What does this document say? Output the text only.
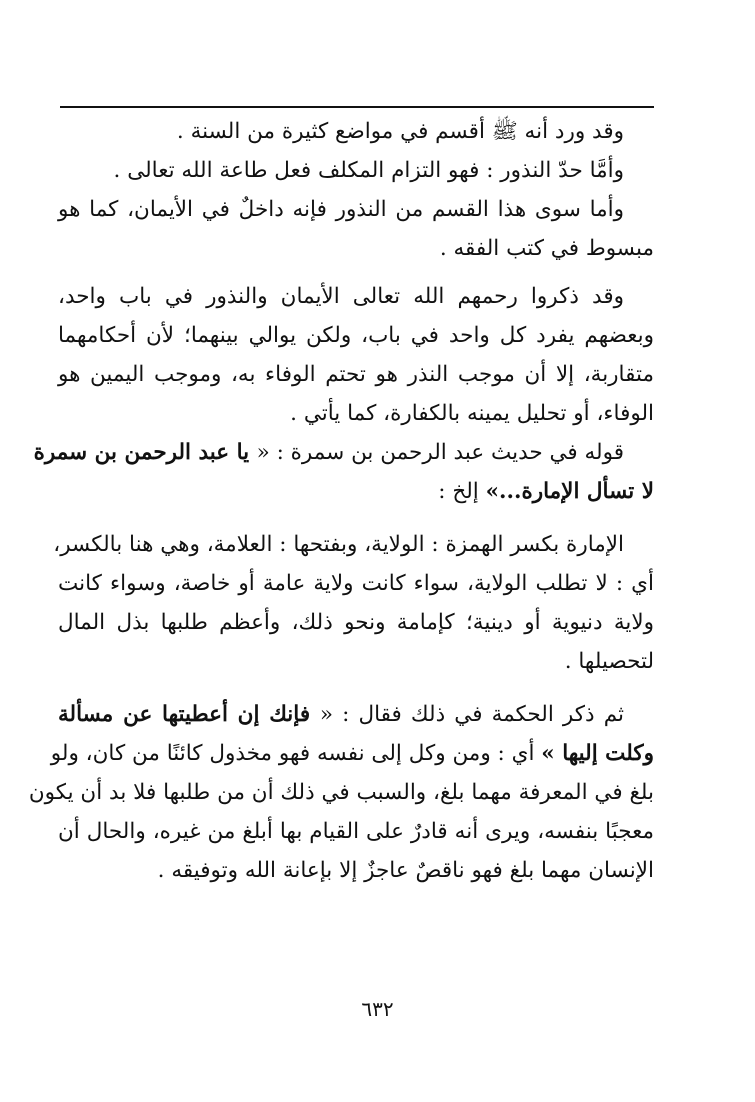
وقد ورد أنه ﷺ أقسم في مواضع كثيرة من السنة .
وأمَّا حدّ النذور : فهو التزام المكلف فعل طاعة الله تعالى .
وأما سوى هذا القسم من النذور فإنه داخلٌ في الأيمان، كما هو
مبسوط في كتب الفقه .
وقد ذكروا رحمهم الله تعالى الأيمان والنذور في باب واحد،
وبعضهم يفرد كل واحد في باب، ولكن يوالي بينهما؛ لأن أحكامهما
متقاربة، إلا أن موجب النذر هو تحتم الوفاء به، وموجب اليمين هو
الوفاء، أو تحليل يمينه بالكفارة، كما يأتي .
قوله في حديث عبد الرحمن بن سمرة : « يا عبد الرحمن بن سمرة
لا تسأل الإمارة...» إلخ :
الإمارة بكسر الهمزة : الولاية، وبفتحها : العلامة، وهي هنا بالكسر،
أي : لا تطلب الولاية، سواء كانت ولاية عامة أو خاصة، وسواء كانت
ولاية دنيوية أو دينية؛ كإمامة ونحو ذلك، وأعظم طلبها بذل المال
لتحصيلها .
ثم ذكر الحكمة في ذلك فقال : « فإنك إن أعطيتها عن مسألة
وكلت إليها » أي : ومن وكل إلى نفسه فهو مخذول كائنًا من كان، ولو
بلغ في المعرفة مهما بلغ، والسبب في ذلك أن من طلبها فلا بد أن يكون
معجبًا بنفسه، ويرى أنه قادرٌ على القيام بها أبلغ من غيره، والحال أن
الإنسان مهما بلغ فهو ناقصٌ عاجزٌ إلا بإعانة الله وتوفيقه .
٦٣٢
